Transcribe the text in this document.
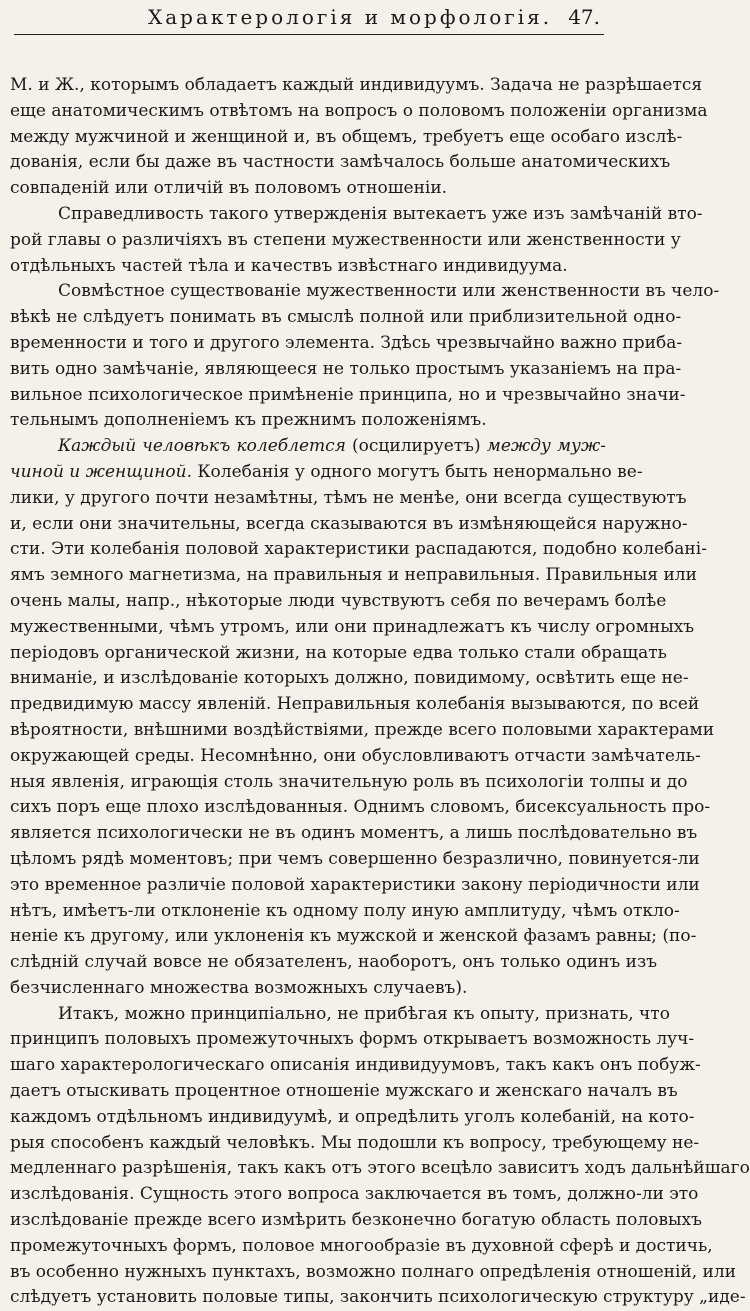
Характерологія и морфологія. 47.
М. и Ж., которымъ обладаетъ каждый индивидуумъ. Задача не разрѣшается
еще анатомическимъ отвѣтомъ на вопросъ о половомъ положеніи организма
между мужчиной и женщиной и, въ общемъ, требуетъ еще особаго изслѣ-
дованія, если бы даже въ частности замѣчалось больше анатомическихъ
совпаденій или отличій въ половомъ отношеніи.
Справедливость такого утвержденія вытекаетъ уже изъ замѣчаній вто-
рой главы о различіяхъ въ степени мужественности или женственности у
отдѣльныхъ частей тѣла и качествъ извѣстнаго индивидуума.
Совмѣстное существованіе мужественности или женственности въ чело-
вѣкѣ не слѣдуетъ понимать въ смыслѣ полной или приблизительной одно-
временности и того и другого элемента. Здѣсь чрезвычайно важно приба-
вить одно замѣчаніе, являющееся не только простымъ указаніемъ на пра-
вильное психологическое примѣненіе принципа, но и чрезвычайно значи-
тельнымъ дополненіемъ къ прежнимъ положеніямъ.
Каждый человѣкъ колеблется (осцилируетъ) между муж-
чиной и женщиной. Колебанія у одного могутъ быть ненормально ве-
лики, у другого почти незамѣтны, тѣмъ не менѣе, они всегда существуютъ
и, если они значительны, всегда сказываются въ измѣняющейся наружно-
сти. Эти колебанія половой характеристики распадаются, подобно колебані-
ямъ земного магнетизма, на правильныя и неправильныя. Правильныя или
очень малы, напр., нѣкоторые люди чувствуютъ себя по вечерамъ болѣе
мужественными, чѣмъ утромъ, или они принадлежатъ къ числу огромныхъ
періодовъ органической жизни, на которые едва только стали обращать
вниманіе, и изслѣдованіе которыхъ должно, повидимому, освѣтить еще не-
предвидимую массу явленій. Неправильныя колебанія вызываются, по всей
вѣроятности, внѣшними воздѣйствіями, прежде всего половыми характерами
окружающей среды. Несомнѣнно, они обусловливаютъ отчасти замѣчатель-
ныя явленія, играющія столь значительную роль въ психологіи толпы и до
сихъ поръ еще плохо изслѣдованныя. Однимъ словомъ, бисексуальность про-
является психологически не въ одинъ моментъ, а лишь послѣдовательно въ
цѣломъ рядѣ моментовъ; при чемъ совершенно безразлично, повинуется-ли
это временное различіе половой характеристики закону періодичности или
нѣтъ, имѣетъ-ли отклоненіе къ одному полу иную амплитуду, чѣмъ откло-
неніе къ другому, или уклоненія къ мужской и женской фазамъ равны; (по-
слѣдній случай вовсе не обязателенъ, наоборотъ, онъ только одинъ изъ
безчисленнаго множества возможныхъ случаевъ).
Итакъ, можно принципіально, не прибѣгая къ опыту, признать, что
принципъ половыхъ промежуточныхъ формъ открываетъ возможность луч-
шаго характерологическаго описанія индивидуумовъ, такъ какъ онъ побуж-
даетъ отыскивать процентное отношеніе мужскаго и женскаго началъ въ
каждомъ отдѣльномъ индивидуумѣ, и опредѣлить уголъ колебаній, на кото-
рыя способенъ каждый человѣкъ. Мы подошли къ вопросу, требующему не-
медленнаго разрѣшенія, такъ какъ отъ этого всецѣло зависитъ ходъ дальнѣйшаго
изслѣдованія. Сущность этого вопроса заключается въ томъ, должно-ли это
изслѣдованіе прежде всего измѣрить безконечно богатую область половыхъ
промежуточныхъ формъ, половое многообразіе въ духовной сферѣ и достичь,
въ особенно нужныхъ пунктахъ, возможно полнаго опредѣленія отношеній, или
слѣдуетъ установить половые типы, закончить психологическую структуру „иде-
